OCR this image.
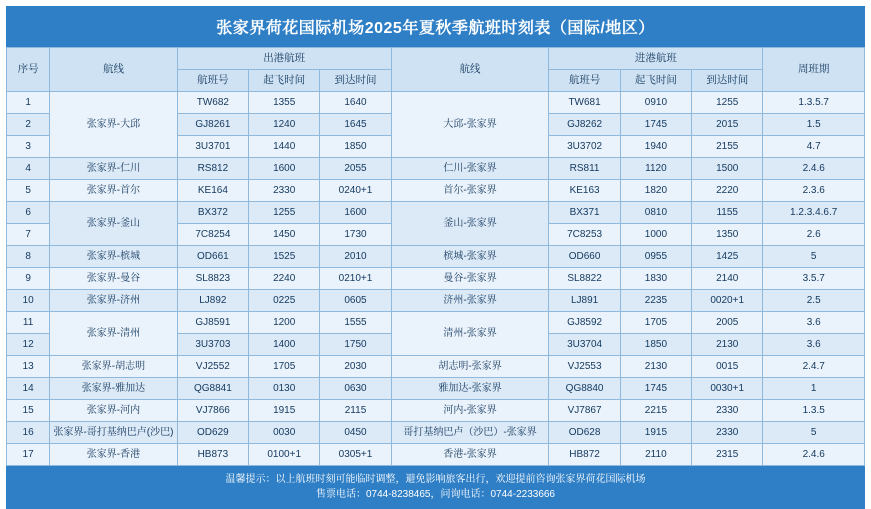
张家界荷花国际机场2025年夏秋季航班时刻表（国际/地区）
序号	航线	出港航班			航线	进港航班			周班期
		航班号	起飞时间	到达时间		航班号	起飞时间	到达时间	
1	张家界-大邱	TW682	1355	1640	大邱-张家界	TW681	0910	1255	1.3.5.7
2		GJ8261	1240	1645		GJ8262	1745	2015	1.5
3		3U3701	1440	1850		3U3702	1940	2155	4.7
4	张家界-仁川	RS812	1600	2055	仁川-张家界	RS811	1120	1500	2.4.6
5	张家界-首尔	KE164	2330	0240+1	首尔-张家界	KE163	1820	2220	2.3.6
6	张家界-釜山	BX372	1255	1600	釜山-张家界	BX371	0810	1155	1.2.3.4.6.7
7		7C8254	1450	1730		7C8253	1000	1350	2.6
8	张家界-槟城	OD661	1525	2010	槟城-张家界	OD660	0955	1425	5
9	张家界-曼谷	SL8823	2240	0210+1	曼谷-张家界	SL8822	1830	2140	3.5.7
10	张家界-济州	LJ892	0225	0605	济州-张家界	LJ891	2235	0020+1	2.5
11	张家界-清州	GJ8591	1200	1555	清州-张家界	GJ8592	1705	2005	3.6
12		3U3703	1400	1750		3U3704	1850	2130	3.6
13	张家界-胡志明	VJ2552	1705	2030	胡志明-张家界	VJ2553	2130	0015	2.4.7
14	张家界-雅加达	QG8841	0130	0630	雅加达-张家界	QG8840	1745	0030+1	1
15	张家界-河内	VJ7866	1915	2115	河内-张家界	VJ7867	2215	2330	1.3.5
16	张家界-哥打基纳巴卢(沙巴)	OD629	0030	0450	哥打基纳巴卢（沙巴）-张家界	OD628	1915	2330	5
17	张家界-香港	HB873	0100+1	0305+1	香港-张家界	HB872	2110	2315	2.4.6
温馨提示：以上航班时刻可能临时调整，避免影响旅客出行，欢迎提前咨询张家界荷花国际机场
售票电话：0744-8238465，问询电话：0744-2233666
